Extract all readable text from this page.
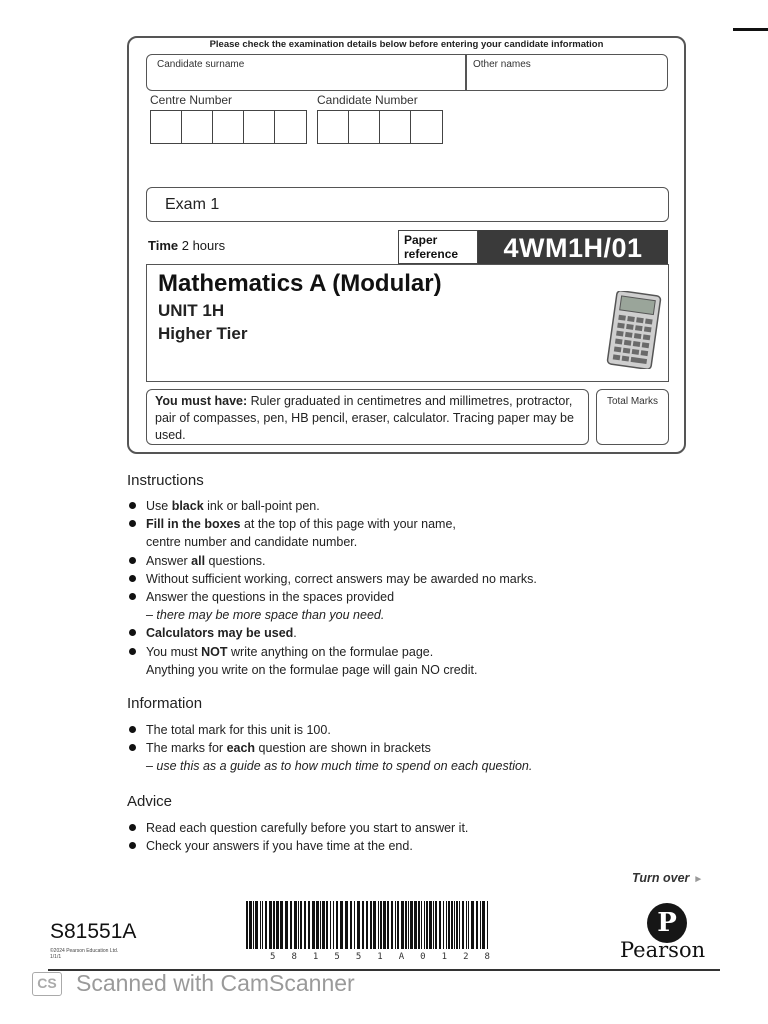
Please check the examination details below before entering your candidate information
Candidate surname	Other names
Centre Number	Candidate Number
Exam 1
Time 2 hours	Paper
reference	4WM1H/01
Mathematics A (Modular)
UNIT 1H
Higher Tier
You must have: Ruler graduated in centimetres and millimetres, protractor, pair of compasses, pen, HB pencil, eraser, calculator. Tracing paper may be used.
Total Marks
Instructions
Use black ink or ball-point pen.
Fill in the boxes at the top of this page with your name,
centre number and candidate number.
Answer all questions.
Without sufficient working, correct answers may be awarded no marks.
Answer the questions in the spaces provided
– there may be more space than you need.
Calculators may be used.
You must NOT write anything on the formulae page.
Anything you write on the formulae page will gain NO credit.
Information
The total mark for this unit is 100.
The marks for each question are shown in brackets
– use this as a guide as to how much time to spend on each question.
Advice
Read each question carefully before you start to answer it.
Check your answers if you have time at the end.
Turn over ►
S81551A
©2024 Pearson Education Ltd.
1/1/1	5 8 1 5 5 1 A 0 1 2 8
P
Pearson
CS Scanned with CamScanner
